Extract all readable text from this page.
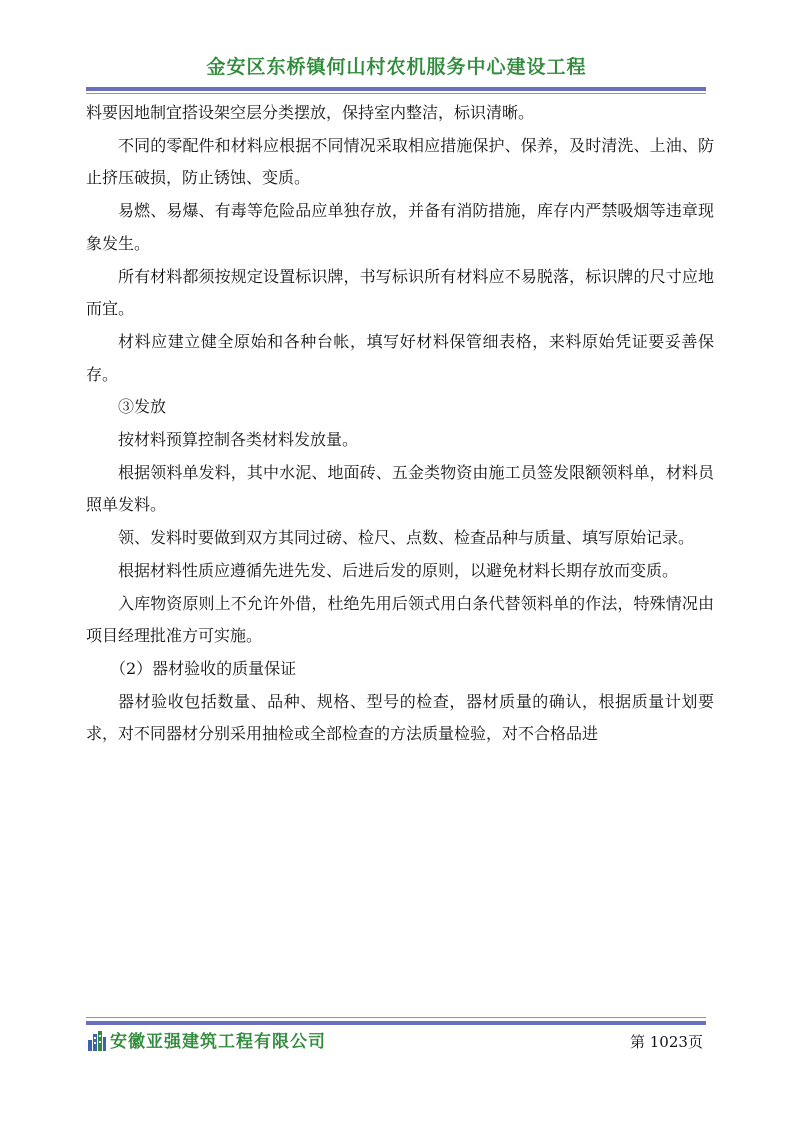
金安区东桥镇何山村农机服务中心建设工程

料要因地制宜搭设架空层分类摆放，保持室内整洁，标识清晰。

不同的零配件和材料应根据不同情况采取相应措施保护、保养，及时清洗、上油、防止挤压破损，防止锈蚀、变质。

易燃、易爆、有毒等危险品应单独存放，并备有消防措施，库存内严禁吸烟等违章现象发生。

所有材料都须按规定设置标识牌，书写标识所有材料应不易脱落，标识牌的尺寸应地而宜。

材料应建立健全原始和各种台帐，填写好材料保管细表格，来料原始凭证要妥善保存。

③发放

按材料预算控制各类材料发放量。

根据领料单发料，其中水泥、地面砖、五金类物资由施工员签发限额领料单，材料员照单发料。

领、发料时要做到双方其同过磅、检尺、点数、检查品种与质量、填写原始记录。

根据材料性质应遵循先进先发、后进后发的原则，以避免材料长期存放而变质。

入库物资原则上不允许外借，杜绝先用后领式用白条代替领料单的作法，特殊情况由项目经理批准方可实施。

（2）器材验收的质量保证

器材验收包括数量、品种、规格、型号的检查，器材质量的确认，根据质量计划要求，对不同器材分别采用抽检或全部检查的方法质量检验，对不合格品进

安徽亚强建筑工程有限公司	第 1023页
